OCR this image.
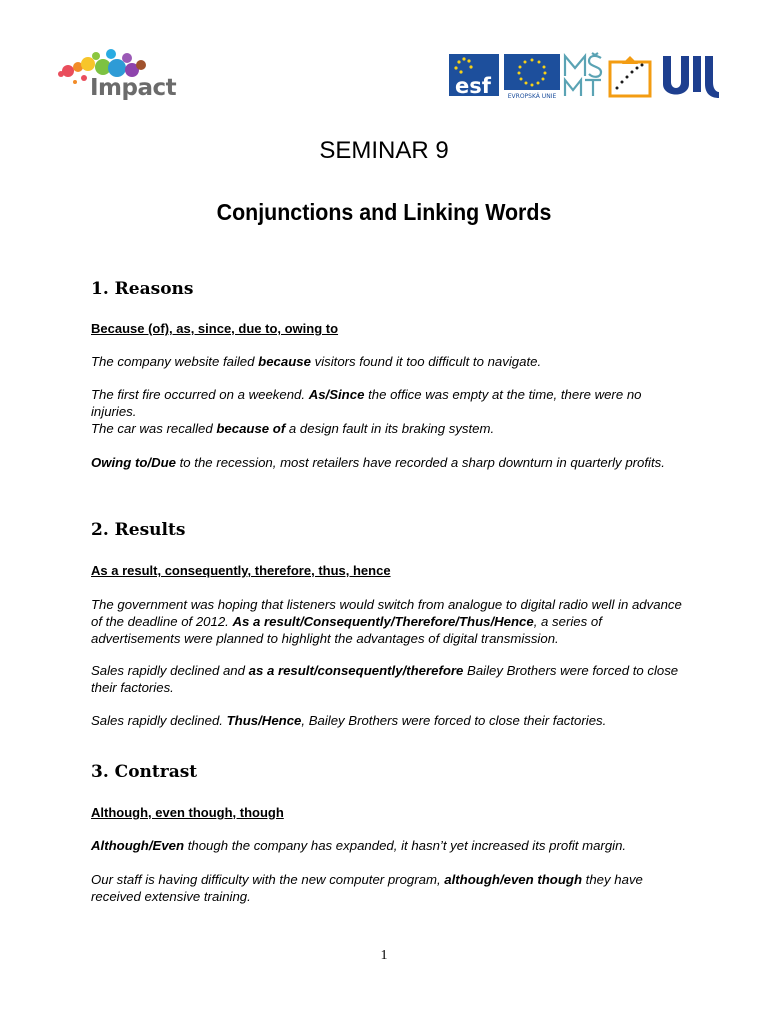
Impact	esf	EVROPSKÁ UNIE
SEMINAR 9
Conjunctions and Linking Words
1. Reasons
Because (of), as, since, due to, owing to
The company website failed because visitors found it too difficult to navigate.
The first fire occurred on a weekend. As/Since the office was empty at the time, there were no injuries.
The car was recalled because of a design fault in its braking system.
Owing to/Due to the recession, most retailers have recorded a sharp downturn in quarterly profits.
2. Results
As a result, consequently, therefore, thus, hence
The government was hoping that listeners would switch from analogue to digital radio well in advance of the deadline of 2012. As a result/Consequently/Therefore/Thus/Hence, a series of advertisements were planned to highlight the advantages of digital transmission.
Sales rapidly declined and as a result/consequently/therefore Bailey Brothers were forced to close their factories.
Sales rapidly declined. Thus/Hence, Bailey Brothers were forced to close their factories.
3. Contrast
Although, even though, though
Although/Even though the company has expanded, it hasn’t yet increased its profit margin.
Our staff is having difficulty with the new computer program, although/even though they have received extensive training.
1
